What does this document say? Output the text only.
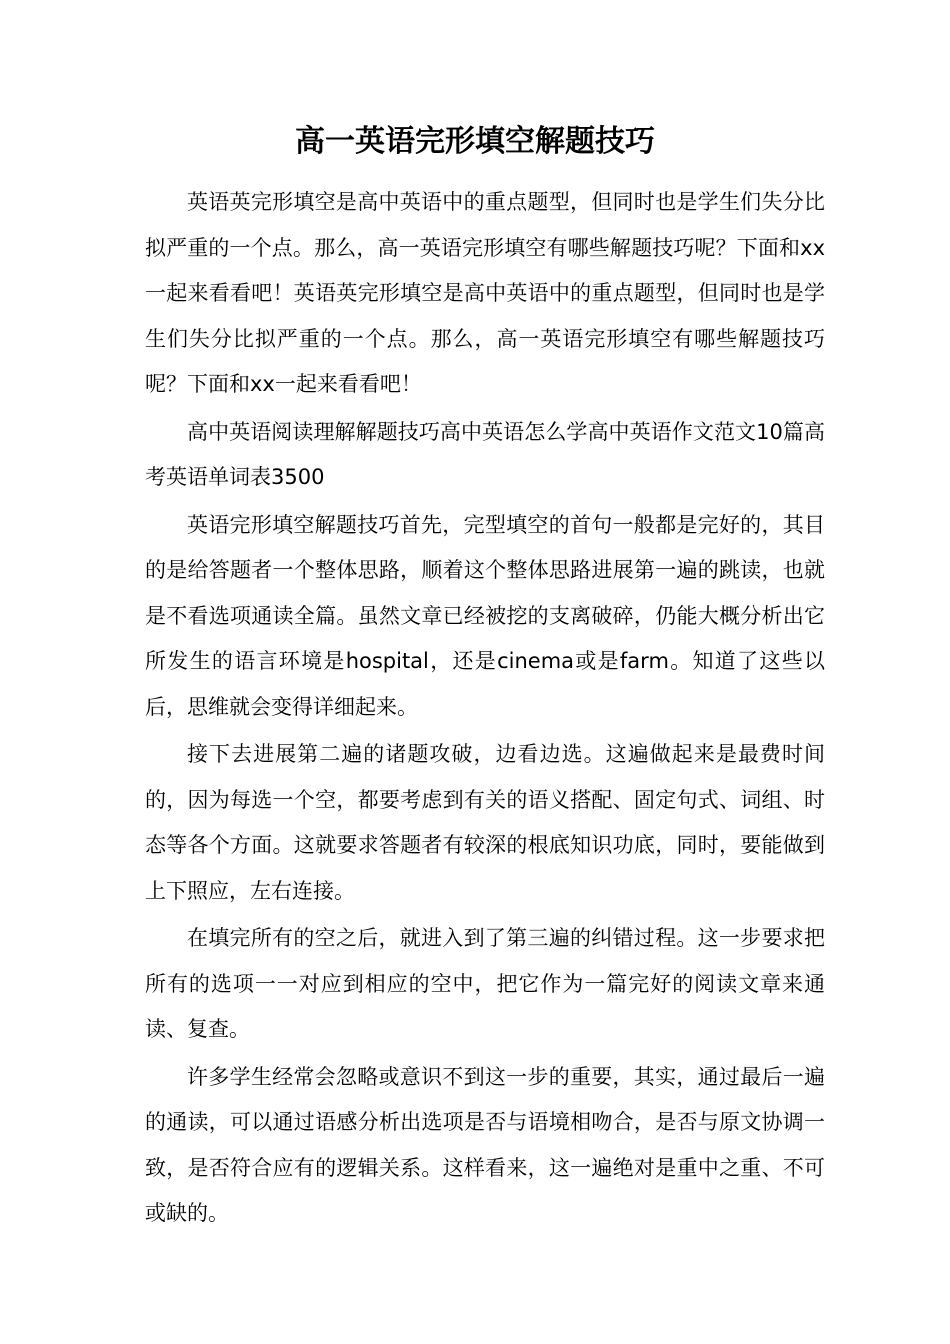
高一英语完形填空解题技巧

英语英完形填空是高中英语中的重点题型，但同时也是学生们失分比拟严重的一个点。那么，高一英语完形填空有哪些解题技巧呢？下面和xx一起来看看吧！英语英完形填空是高中英语中的重点题型，但同时也是学生们失分比拟严重的一个点。那么，高一英语完形填空有哪些解题技巧呢？下面和xx一起来看看吧！

高中英语阅读理解解题技巧高中英语怎么学高中英语作文范文10篇高考英语单词表3500

英语完形填空解题技巧首先，完型填空的首句一般都是完好的，其目的是给答题者一个整体思路，顺着这个整体思路进展第一遍的跳读，也就是不看选项通读全篇。虽然文章已经被挖的支离破碎，仍能大概分析出它所发生的语言环境是hospital，还是cinema或是farm。知道了这些以后，思维就会变得详细起来。

接下去进展第二遍的诸题攻破，边看边选。这遍做起来是最费时间的，因为每选一个空，都要考虑到有关的语义搭配、固定句式、词组、时态等各个方面。这就要求答题者有较深的根底知识功底，同时，要能做到上下照应，左右连接。

在填完所有的空之后，就进入到了第三遍的纠错过程。这一步要求把所有的选项一一对应到相应的空中，把它作为一篇完好的阅读文章来通读、复查。

许多学生经常会忽略或意识不到这一步的重要，其实，通过最后一遍的通读，可以通过语感分析出选项是否与语境相吻合，是否与原文协调一致，是否符合应有的逻辑关系。这样看来，这一遍绝对是重中之重、不可或缺的。
